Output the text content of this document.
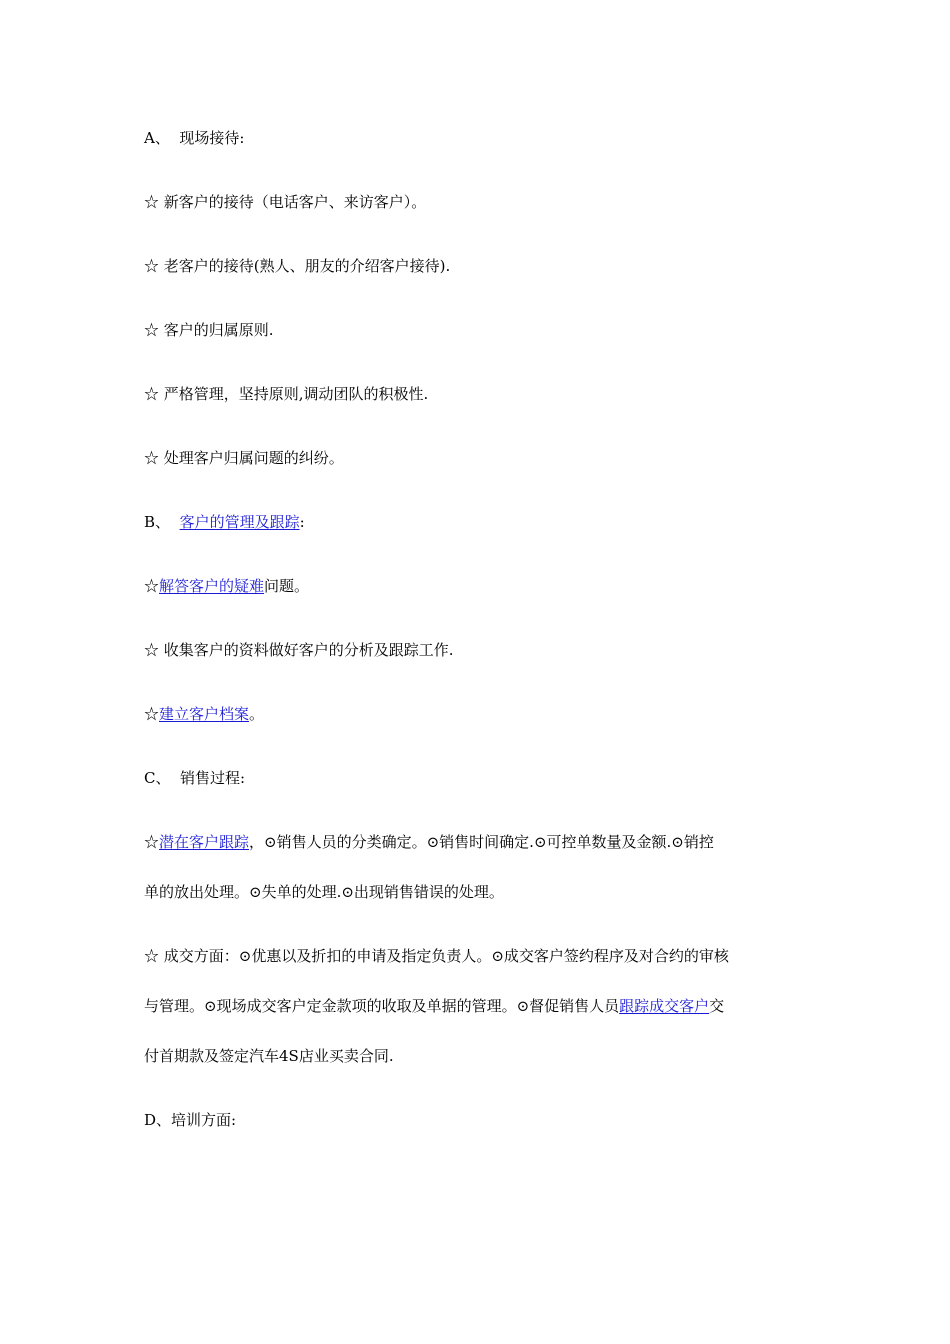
A、 现场接待:
☆ 新客户的接待（电话客户、来访客户）。
☆ 老客户的接待(熟人、朋友的介绍客户接待).
☆ 客户的归属原则.
☆ 严格管理，坚持原则,调动团队的积极性.
☆ 处理客户归属问题的纠纷。
B、 客户的管理及跟踪:
☆解答客户的疑难问题。
☆ 收集客户的资料做好客户的分析及跟踪工作.
☆建立客户档案。
C、 销售过程:
☆潜在客户跟踪，⊙销售人员的分类确定。⊙销售时间确定.⊙可控单数量及金额.⊙销控
单的放出处理。⊙失单的处理.⊙出现销售错误的处理。
☆ 成交方面：⊙优惠以及折扣的申请及指定负责人。⊙成交客户签约程序及对合约的审核
与管理。⊙现场成交客户定金款项的收取及单据的管理。⊙督促销售人员跟踪成交客户交
付首期款及签定汽车4S店业买卖合同.
D、培训方面:
